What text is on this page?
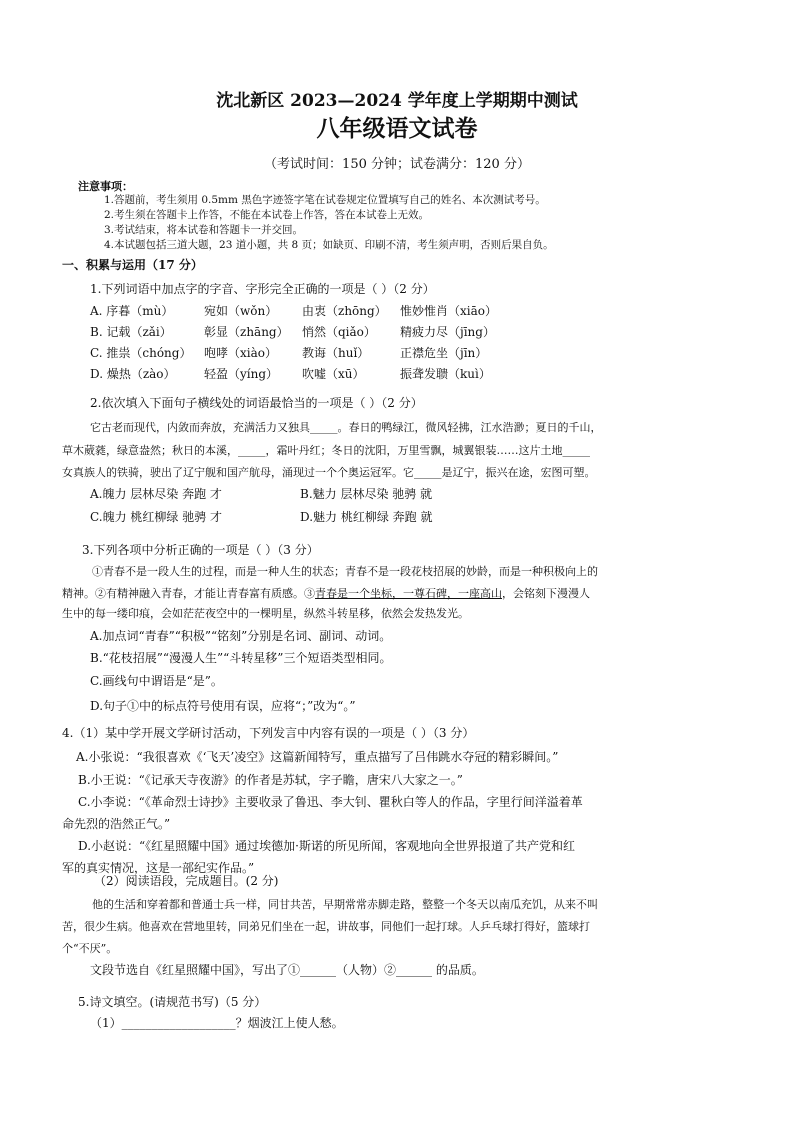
沈北新区 2023—2024 学年度上学期期中测试
八年级语文试卷
（考试时间：150 分钟；试卷满分：120 分）
注意事项：
1.答题前，考生须用 0.5mm 黑色字迹签字笔在试卷规定位置填写自己的姓名、本次测试考号。
2.考生须在答题卡上作答，不能在本试卷上作答，答在本试卷上无效。
3.考试结束，将本试卷和答题卡一并交回。
4.本试题包括三道大题，23 道小题，共 8 页；如缺页、印刷不清，考生须声明，否则后果自负。
一、积累与运用（17 分）
1.下列词语中加点字的字音、字形完全正确的一项是（ ）（2 分）
A. 序暮（mù）	宛如（wǒn） 由衷（zhōng） 惟妙惟肖（xiāo）
B. 记载（zǎi）	彰显（zhāng） 悄然（qiǎo） 精疲力尽（jīng）
C. 推祟（chóng） 咆哮（xiào） 教诲（huǐ）	正襟危坐（jīn）
D. 燥热（zào） 轻盈（yíng） 吹嘘（xū）	振聋发聩（kuì）
2.依次填入下面句子横线处的词语最恰当的一项是（ ）（2 分）
它古老而现代，内敛而奔放，充满活力又独具_____。春日的鸭绿江，微风轻拂，江水浩渺；夏日的千山，
草木葳蕤，绿意盎然；秋日的本溪，_____，霜叶丹红；冬日的沈阳，万里雪飘，城翼银装……这片土地_____
女真族人的铁骑，驶出了辽宁舰和国产航母，涌现过一个个奥运冠军。它_____是辽宁，振兴在途，宏图可塑。
A.魄力 层林尽染 奔跑 才	B.魅力 层林尽染 驰骋 就
C.魄力 桃红柳绿 驰骋 才	D.魅力 桃红柳绿 奔跑 就
3.下列各项中分析正确的一项是（ ）（3 分）
①青春不是一段人生的过程，而是一种人生的状态；青春不是一段花枝招展的妙龄，而是一种积极向上的
精神。②有精神融入青春，才能让青春富有质感。③青春是一个坐标，一尊石碑，一座高山，会铭刻下漫漫人
生中的每一缕印痕，会如茫茫夜空中的一棵明星，纵然斗转星移，依然会发热发光。
A.加点词“青春”“积极”“铭刻”分别是名词、副词、动词。
B.“花枝招展”“漫漫人生”“斗转星移”三个短语类型相同。
C.画线句中谓语是“是”。
D.句子①中的标点符号使用有误，应将“；”改为“。”
4.（1）某中学开展文学研讨活动，下列发言中内容有误的一项是（ ）（3 分）
A.小张说：“我很喜欢《‘飞天’凌空》这篇新闻特写，重点描写了吕伟跳水夺冠的精彩瞬间。”
B.小王说：“《记承天寺夜游》的作者是苏轼，字子瞻，唐宋八大家之一。”
C.小李说：“《革命烈士诗抄》主要收录了鲁迅、李大钊、瞿秋白等人的作品，字里行间洋溢着革
命先烈的浩然正气。”
D.小赵说：“《红星照耀中国》通过埃德加·斯诺的所见所闻，客观地向全世界报道了共产党和红
军的真实情况，这是一部纪实作品。”
（2）阅读语段，完成题目。(2 分)
他的生活和穿着都和普通士兵一样，同甘共苦，早期常常赤脚走路，整整一个冬天以南瓜充饥，从来不叫
苦，很少生病。他喜欢在营地里转，同弟兄们坐在一起，讲故事，同他们一起打球。人乒乓球打得好，篮球打
个“不厌”。
文段节选自《红星照耀中国》，写出了①______（人物）②______ 的品质。
5.诗文填空。(请规范书写)（5 分）
（1）___________________？烟波江上使人愁。
